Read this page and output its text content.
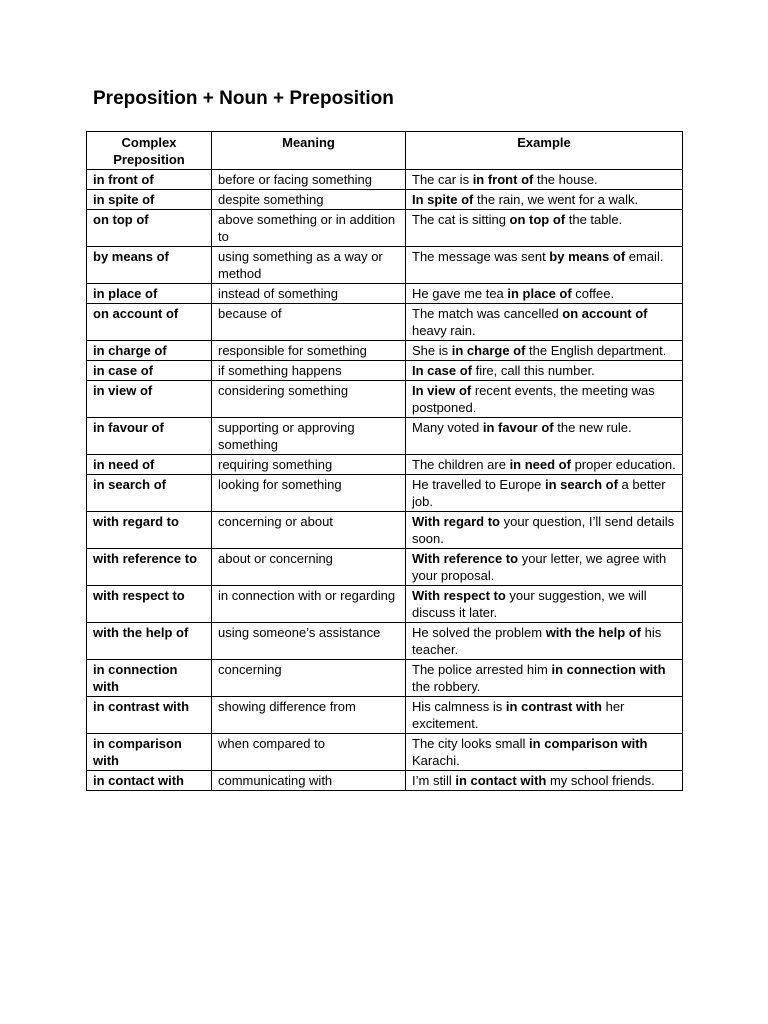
Preposition + Noun + Preposition
Complex Preposition	Meaning	Example
in front of	before or facing something	The car is in front of the house.
in spite of	despite something	In spite of the rain, we went for a walk.
on top of	above something or in addition to	The cat is sitting on top of the table.
by means of	using something as a way or method	The message was sent by means of email.
in place of	instead of something	He gave me tea in place of coffee.
on account of	because of	The match was cancelled on account of heavy rain.
in charge of	responsible for something	She is in charge of the English department.
in case of	if something happens	In case of fire, call this number.
in view of	considering something	In view of recent events, the meeting was postponed.
in favour of	supporting or approving something	Many voted in favour of the new rule.
in need of	requiring something	The children are in need of proper education.
in search of	looking for something	He travelled to Europe in search of a better job.
with regard to	concerning or about	With regard to your question, I’ll send details soon.
with reference to	about or concerning	With reference to your letter, we agree with your proposal.
with respect to	in connection with or regarding	With respect to your suggestion, we will discuss it later.
with the help of	using someone’s assistance	He solved the problem with the help of his teacher.
in connection with	concerning	The police arrested him in connection with the robbery.
in contrast with	showing difference from	His calmness is in contrast with her excitement.
in comparison with	when compared to	The city looks small in comparison with Karachi.
in contact with	communicating with	I’m still in contact with my school friends.
